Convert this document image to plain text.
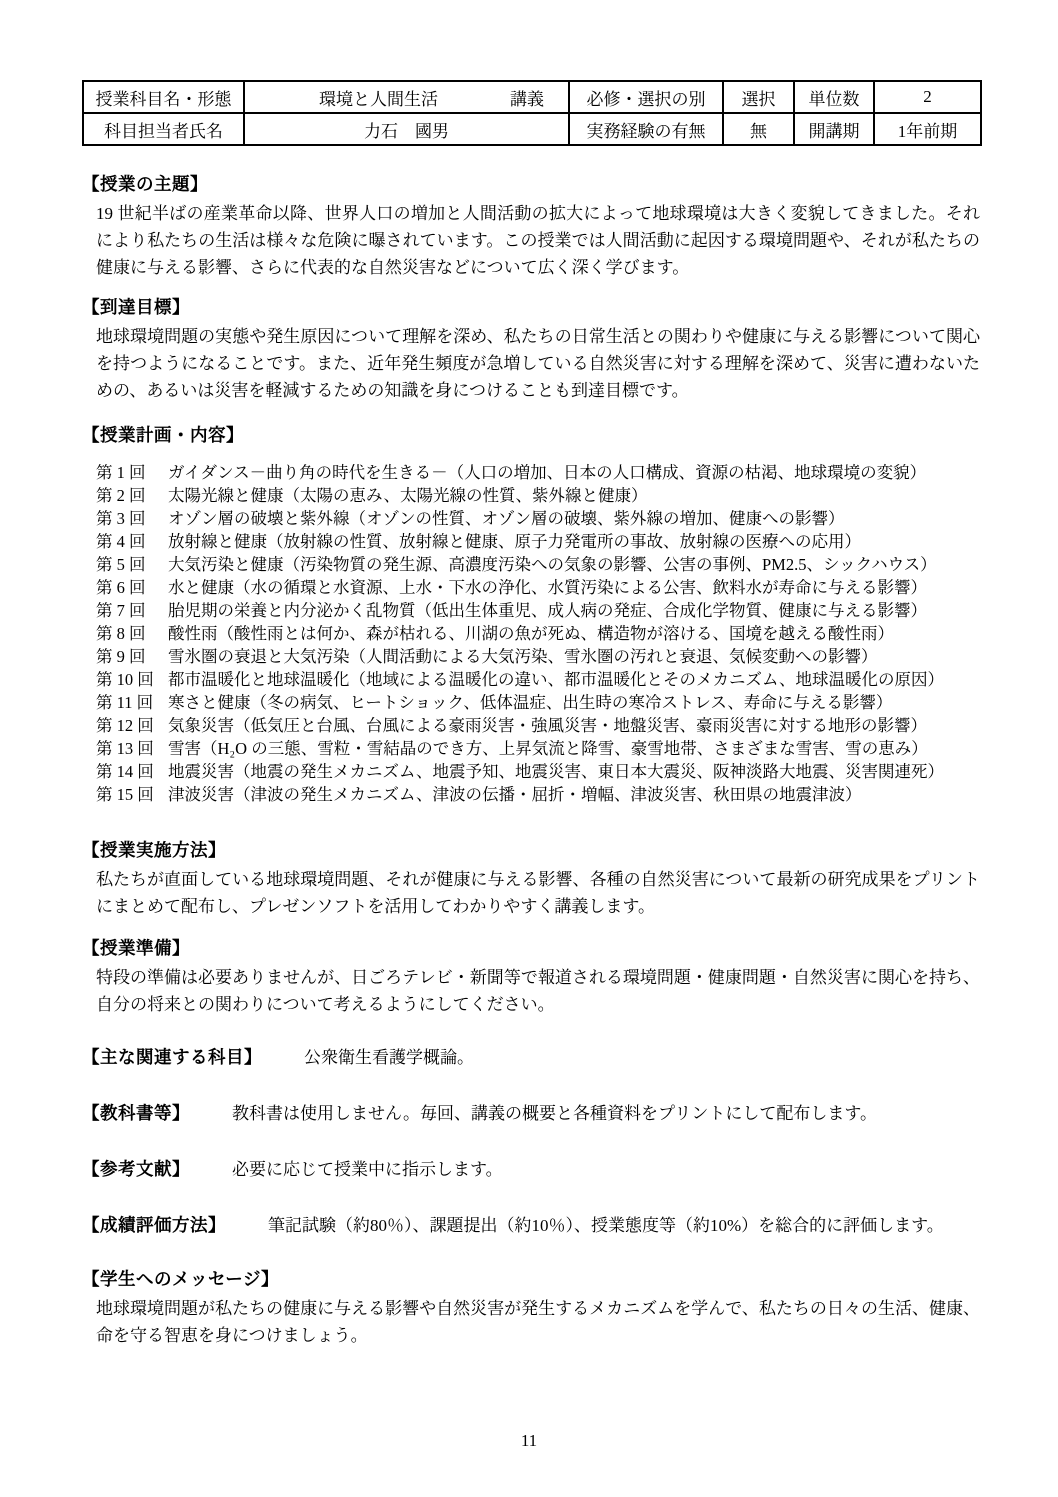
授業科目名・形態	環境と人間生活 講義	必修・選択の別	選択	単位数	2
科目担当者氏名	力石　國男	実務経験の有無	無	開講期	1年前期
【授業の主題】

19 世紀半ばの産業革命以降、世界人口の増加と人間活動の拡大によって地球環境は大きく変貌してきました。それにより私たちの生活は様々な危険に曝されています。この授業では人間活動に起因する環境問題や、それが私たちの健康に与える影響、さらに代表的な自然災害などについて広く深く学びます。

【到達目標】

地球環境問題の実態や発生原因について理解を深め、私たちの日常生活との関わりや健康に与える影響について関心を持つようになることです。また、近年発生頻度が急増している自然災害に対する理解を深めて、災害に遭わないための、あるいは災害を軽減するための知識を身につけることも到達目標です。

【授業計画・内容】
第 1 回	ガイダンス－曲り角の時代を生きる－（人口の増加、日本の人口構成、資源の枯渇、地球環境の変貌）
第 2 回	太陽光線と健康（太陽の恵み、太陽光線の性質、紫外線と健康）
第 3 回	オゾン層の破壊と紫外線（オゾンの性質、オゾン層の破壊、紫外線の増加、健康への影響）
第 4 回	放射線と健康（放射線の性質、放射線と健康、原子力発電所の事故、放射線の医療への応用）
第 5 回	大気汚染と健康（汚染物質の発生源、高濃度汚染への気象の影響、公害の事例、PM2.5、シックハウス）
第 6 回	水と健康（水の循環と水資源、上水・下水の浄化、水質汚染による公害、飲料水が寿命に与える影響）
第 7 回	胎児期の栄養と内分泌かく乱物質（低出生体重児、成人病の発症、合成化学物質、健康に与える影響）
第 8 回	酸性雨（酸性雨とは何か、森が枯れる、川湖の魚が死ぬ、構造物が溶ける、国境を越える酸性雨）
第 9 回	雪氷圏の衰退と大気汚染（人間活動による大気汚染、雪氷圏の汚れと衰退、気候変動への影響）
第 10 回 都市温暖化と地球温暖化（地域による温暖化の違い、都市温暖化とそのメカニズム、地球温暖化の原因）
第 11 回 寒さと健康（冬の病気、ヒートショック、低体温症、出生時の寒冷ストレス、寿命に与える影響）
第 12 回 気象災害（低気圧と台風、台風による豪雨災害・強風災害・地盤災害、豪雨災害に対する地形の影響）
第 13 回 雪害（H₂O の三態、雪粒・雪結晶のでき方、上昇気流と降雪、豪雪地帯、さまざまな雪害、雪の恵み）
第 14 回 地震災害（地震の発生メカニズム、地震予知、地震災害、東日本大震災、阪神淡路大地震、災害関連死）
第 15 回 津波災害（津波の発生メカニズム、津波の伝播・屈折・増幅、津波災害、秋田県の地震津波）
【授業実施方法】

私たちが直面している地球環境問題、それが健康に与える影響、各種の自然災害について最新の研究成果をプリントにまとめて配布し、プレゼンソフトを活用してわかりやすく講義します。

【授業準備】

特段の準備は必要ありませんが、日ごろテレビ・新聞等で報道される環境問題・健康問題・自然災害に関心を持ち、自分の将来との関わりについて考えるようにしてください。

【主な関連する科目】 公衆衛生看護学概論。
【教科書等】 教科書は使用しません。毎回、講義の概要と各種資料をプリントにして配布します。
【参考文献】 必要に応じて授業中に指示します。
【成績評価方法】 筆記試験（約80％）、課題提出（約10％）、授業態度等（約10%）を総合的に評価します。
【学生へのメッセージ】

地球環境問題が私たちの健康に与える影響や自然災害が発生するメカニズムを学んで、私たちの日々の生活、健康、命を守る智恵を身につけましょう。

11
